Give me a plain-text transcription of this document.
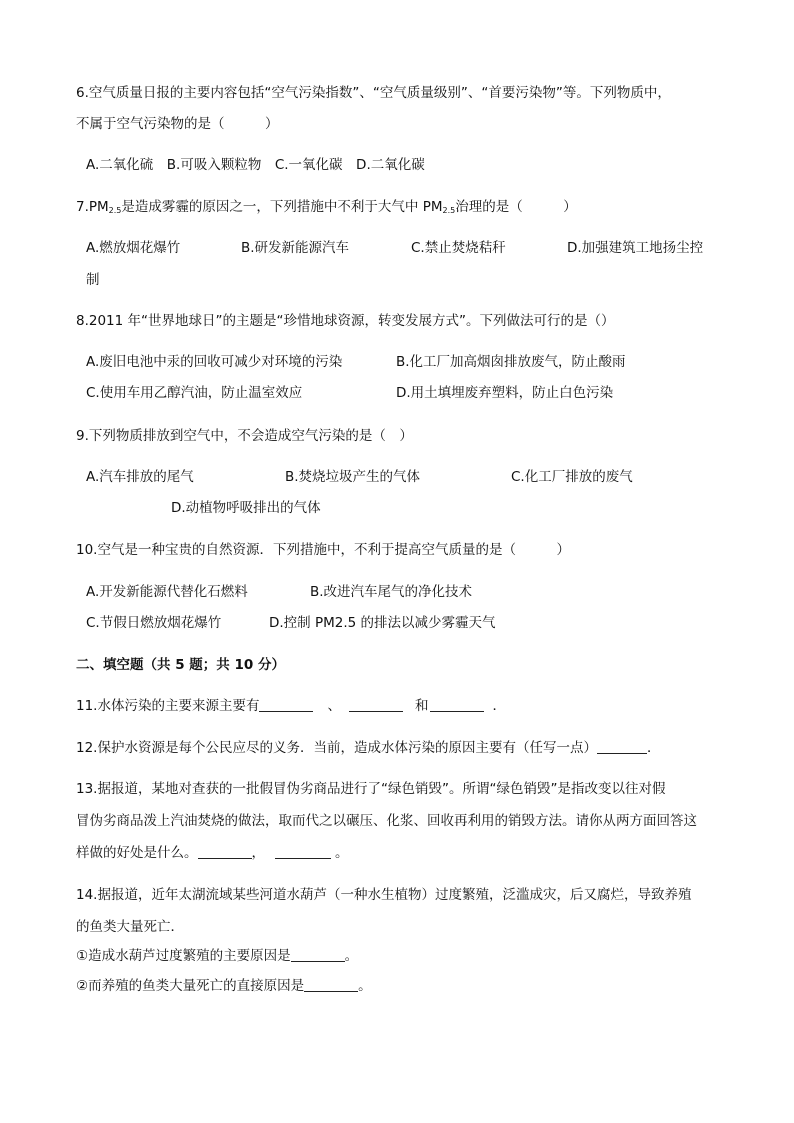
6.空气质量日报的主要内容包括“空气污染指数”、“空气质量级别”、“首要污染物”等。下列物质中，
不属于空气污染物的是（　　　）
A.二氧化硫　B.可吸入颗粒物　C.一氧化碳　D.二氧化碳
$7.PM_{2.5}$是造成雾霾的原因之一，下列措施中不利于大气中 $PM_{2.5}$治理的是（　　　）
A.燃放烟花爆竹	B.研发新能源汽车	C.禁止焚烧秸秆	D.加强建筑工地扬尘控
制
8.2011 年“世界地球日”的主题是“珍惜地球资源，转变发展方式”。下列做法可行的是（）
A.废旧电池中汞的回收可减少对环境的污染	B.化工厂加高烟囱排放废气，防止酸雨
C.使用车用乙醇汽油，防止温室效应	D.用土填埋废弃塑料，防止白色污染
9.下列物质排放到空气中，不会造成空气污染的是（　）
A.汽车排放的尾气	B.焚烧垃圾产生的气体	C.化工厂排放的废气
D.动植物呼吸排出的气体
10.空气是一种宝贵的自然资源．下列措施中，不利于提高空气质量的是（　　　）
A.开发新能源代替化石燃料	B.改进汽车尾气的净化技术
C.节假日燃放烟花爆竹	D.控制 PM2.5 的排法以减少雾霾天气
二、填空题（共 5 题；共 10 分）
11.水体污染的主要来源主要有	、	和	．
12.保护水资源是每个公民应尽的义务．当前，造成水体污染的原因主要有（任写一点）	．
13.据报道，某地对查获的一批假冒伪劣商品进行了“绿色销毁”。所谓“绿色销毁”是指改变以往对假
冒伪劣商品泼上汽油焚烧的做法，取而代之以碾压、化浆、回收再利用的销毁方法。请你从两方面回答这
样做的好处是什么。	，	。
14.据报道，近年太湖流域某些河道水葫芦（一种水生植物）过度繁殖，泛滥成灾，后又腐烂，导致养殖
的鱼类大量死亡．
①造成水葫芦过度繁殖的主要原因是	。
②而养殖的鱼类大量死亡的直接原因是	。
